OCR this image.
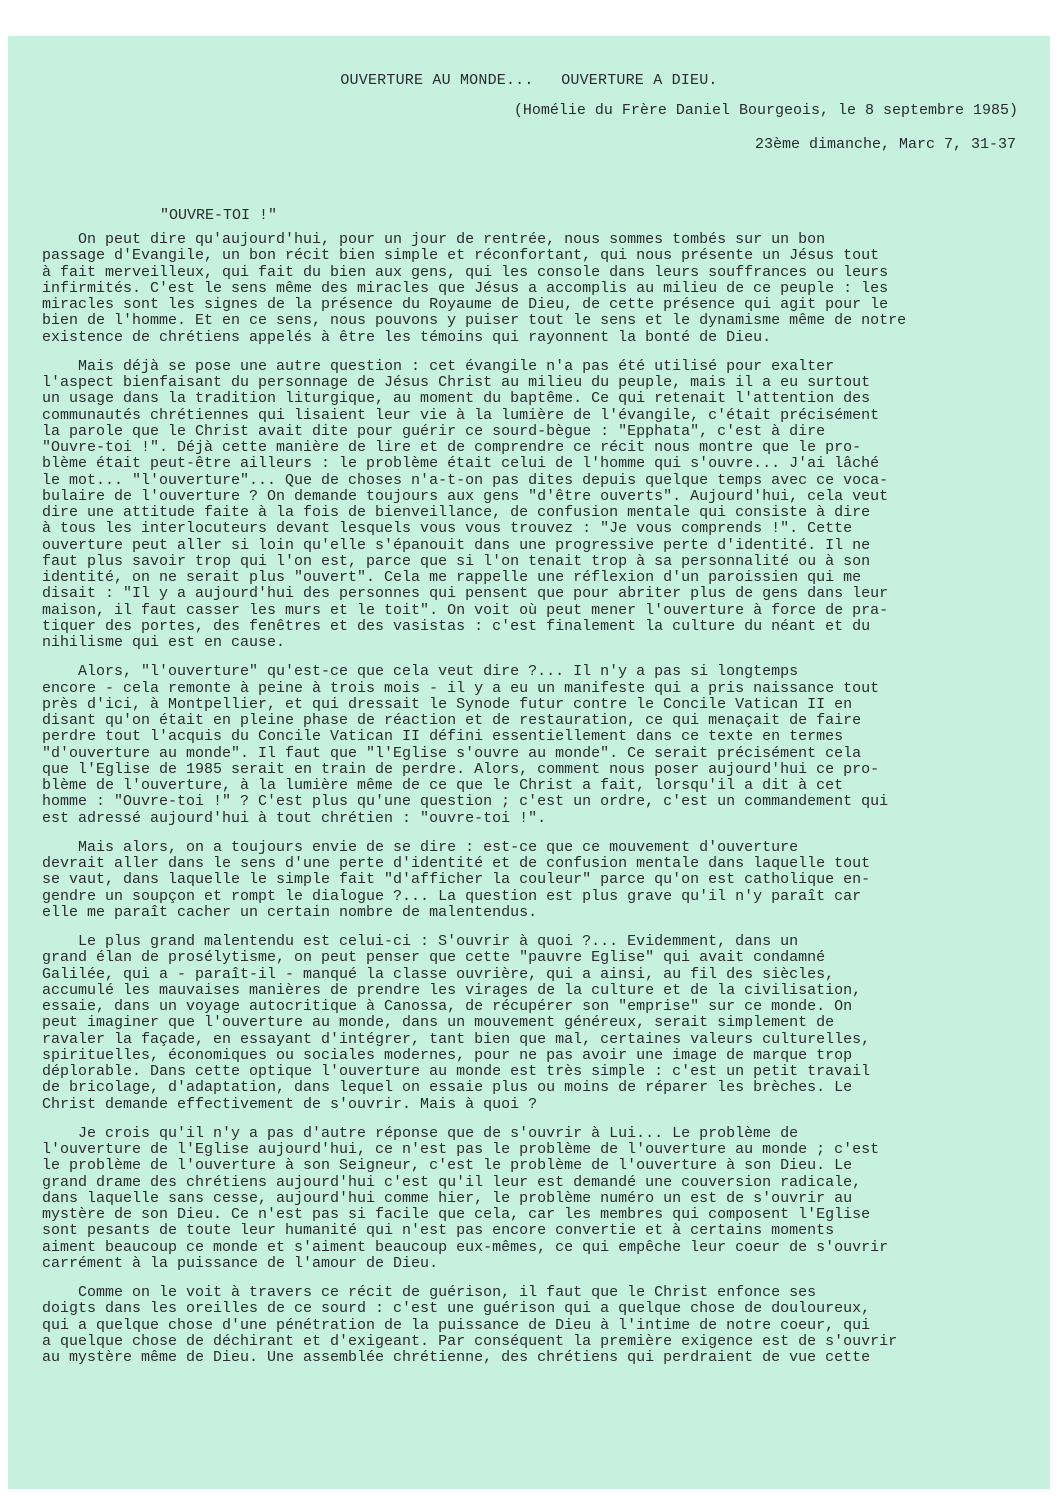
OUVERTURE AU MONDE...   OUVERTURE A DIEU.
(Homélie du Frère Daniel Bourgeois, le 8 septembre 1985)
23ème dimanche, Marc 7, 31-37
"OUVRE-TOI !"
On peut dire qu'aujourd'hui, pour un jour de rentrée, nous sommes tombés sur un bon
passage d'Evangile, un bon récit bien simple et réconfortant, qui nous présente un Jésus tout
à fait merveilleux, qui fait du bien aux gens, qui les console dans leurs souffrances ou leurs
infirmités. C'est le sens même des miracles que Jésus a accomplis au milieu de ce peuple : les
miracles sont les signes de la présence du Royaume de Dieu, de cette présence qui agit pour le
bien de l'homme. Et en ce sens, nous pouvons y puiser tout le sens et le dynamisme même de notre
existence de chrétiens appelés à être les témoins qui rayonnent la bonté de Dieu.
Mais déjà se pose une autre question : cet évangile n'a pas été utilisé pour exalter
l'aspect bienfaisant du personnage de Jésus Christ au milieu du peuple, mais il a eu surtout
un usage dans la tradition liturgique, au moment du baptême. Ce qui retenait l'attention des
communautés chrétiennes qui lisaient leur vie à la lumière de l'évangile, c'était précisément
la parole que le Christ avait dite pour guérir ce sourd-bègue : "Epphata", c'est à dire
"Ouvre-toi !". Déjà cette manière de lire et de comprendre ce récit nous montre que le pro-
blème était peut-être ailleurs : le problème était celui de l'homme qui s'ouvre... J'ai lâché
le mot... "l'ouverture"... Que de choses n'a-t-on pas dites depuis quelque temps avec ce voca-
bulaire de l'ouverture ? On demande toujours aux gens "d'être ouverts". Aujourd'hui, cela veut
dire une attitude faite à la fois de bienveillance, de confusion mentale qui consiste à dire
à tous les interlocuteurs devant lesquels vous vous trouvez : "Je vous comprends !". Cette
ouverture peut aller si loin qu'elle s'épanouit dans une progressive perte d'identité. Il ne
faut plus savoir trop qui l'on est, parce que si l'on tenait trop à sa personnalité ou à son
identité, on ne serait plus "ouvert". Cela me rappelle une réflexion d'un paroissien qui me
disait : "Il y a aujourd'hui des personnes qui pensent que pour abriter plus de gens dans leur
maison, il faut casser les murs et le toit". On voit où peut mener l'ouverture à force de pra-
tiquer des portes, des fenêtres et des vasistas : c'est finalement la culture du néant et du
nihilisme qui est en cause.
Alors, "l'ouverture" qu'est-ce que cela veut dire ?... Il n'y a pas si longtemps
encore - cela remonte à peine à trois mois - il y a eu un manifeste qui a pris naissance tout
près d'ici, à Montpellier, et qui dressait le Synode futur contre le Concile Vatican II en
disant qu'on était en pleine phase de réaction et de restauration, ce qui menaçait de faire
perdre tout l'acquis du Concile Vatican II défini essentiellement dans ce texte en termes
"d'ouverture au monde". Il faut que "l'Eglise s'ouvre au monde". Ce serait précisément cela
que l'Eglise de 1985 serait en train de perdre. Alors, comment nous poser aujourd'hui ce pro-
blème de l'ouverture, à la lumière même de ce que le Christ a fait, lorsqu'il a dit à cet
homme : "Ouvre-toi !" ? C'est plus qu'une question ; c'est un ordre, c'est un commandement qui
est adressé aujourd'hui à tout chrétien : "ouvre-toi !".
Mais alors, on a toujours envie de se dire : est-ce que ce mouvement d'ouverture
devrait aller dans le sens d'une perte d'identité et de confusion mentale dans laquelle tout
se vaut, dans laquelle le simple fait "d'afficher la couleur" parce qu'on est catholique en-
gendre un soupçon et rompt le dialogue ?... La question est plus grave qu'il n'y paraît car
elle me paraît cacher un certain nombre de malentendus.
Le plus grand malentendu est celui-ci : S'ouvrir à quoi ?... Evidemment, dans un
grand élan de prosélytisme, on peut penser que cette "pauvre Eglise" qui avait condamné
Galilée, qui a - paraît-il - manqué la classe ouvrière, qui a ainsi, au fil des siècles,
accumulé les mauvaises manières de prendre les virages de la culture et de la civilisation,
essaie, dans un voyage autocritique à Canossa, de récupérer son "emprise" sur ce monde. On
peut imaginer que l'ouverture au monde, dans un mouvement généreux, serait simplement de
ravaler la façade, en essayant d'intégrer, tant bien que mal, certaines valeurs culturelles,
spirituelles, économiques ou sociales modernes, pour ne pas avoir une image de marque trop
déplorable. Dans cette optique l'ouverture au monde est très simple : c'est un petit travail
de bricolage, d'adaptation, dans lequel on essaie plus ou moins de réparer les brèches. Le
Christ demande effectivement de s'ouvrir. Mais à quoi ?
Je crois qu'il n'y a pas d'autre réponse que de s'ouvrir à Lui... Le problème de
l'ouverture de l'Eglise aujourd'hui, ce n'est pas le problème de l'ouverture au monde ; c'est
le problème de l'ouverture à son Seigneur, c'est le problème de l'ouverture à son Dieu. Le
grand drame des chrétiens aujourd'hui c'est qu'il leur est demandé une couversion radicale,
dans laquelle sans cesse, aujourd'hui comme hier, le problème numéro un est de s'ouvrir au
mystère de son Dieu. Ce n'est pas si facile que cela, car les membres qui composent l'Eglise
sont pesants de toute leur humanité qui n'est pas encore convertie et à certains moments
aiment beaucoup ce monde et s'aiment beaucoup eux-mêmes, ce qui empêche leur coeur de s'ouvrir
carrément à la puissance de l'amour de Dieu.
Comme on le voit à travers ce récit de guérison, il faut que le Christ enfonce ses
doigts dans les oreilles de ce sourd : c'est une guérison qui a quelque chose de douloureux,
qui a quelque chose d'une pénétration de la puissance de Dieu à l'intime de notre coeur, qui
a quelque chose de déchirant et d'exigeant. Par conséquent la première exigence est de s'ouvrir
au mystère même de Dieu. Une assemblée chrétienne, des chrétiens qui perdraient de vue cette
